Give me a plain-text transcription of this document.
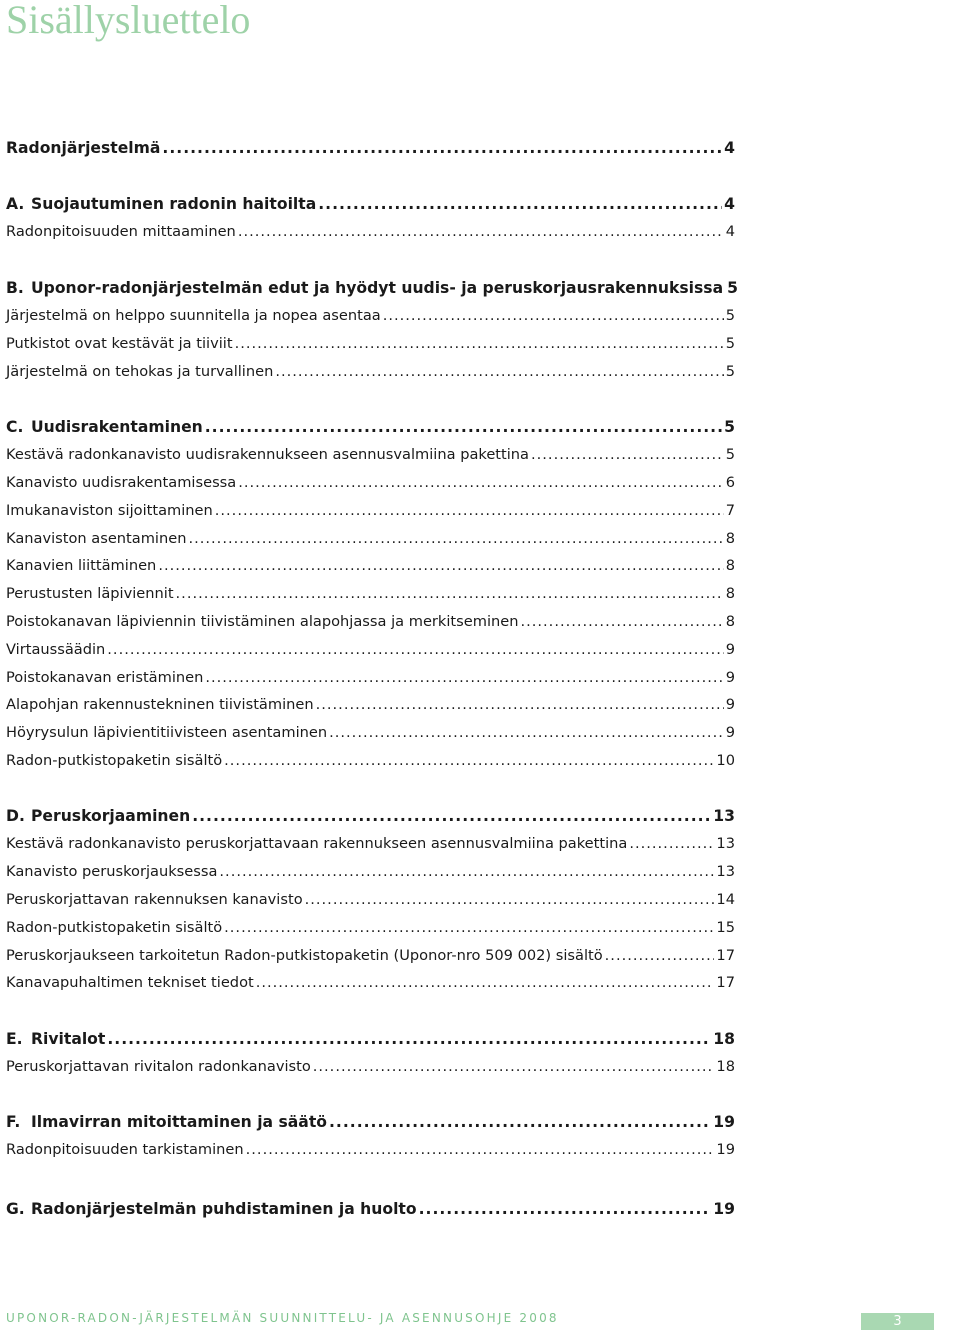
Sisällysluettelo
Radonjärjestelmä .....	4
A. Suojautuminen radonin haitoilta .....	4
Radonpitoisuuden mittaaminen .....	4
B. Uponor-radonjärjestelmän edut ja hyödyt uudis- ja peruskorjausrakennuksissa 5
Järjestelmä on helppo suunnitella ja nopea asentaa .....	5
Putkistot ovat kestävät ja tiiviit .....	5
Järjestelmä on tehokas ja turvallinen .....	5
C. Uudisrakentaminen .....	5
Kestävä radonkanavisto uudisrakennukseen asennusvalmiina pakettina .....	5
Kanavisto uudisrakentamisessa .....	6
Imukanaviston sijoittaminen .....	7
Kanaviston asentaminen .....	8
Kanavien liittäminen .....	8
Perustusten läpiviennit .....	8
Poistokanavan läpiviennin tiivistäminen alapohjassa ja merkitseminen .....	8
Virtaussäädin .....	9
Poistokanavan eristäminen .....	9
Alapohjan rakennustekninen tiivistäminen .....	9
Höyrysulun läpivientitiivisteen asentaminen .....	9
Radon-putkistopaketin sisältö .....	10
D. Peruskorjaaminen .....	13
Kestävä radonkanavisto peruskorjattavaan rakennukseen asennusvalmiina pakettina .....	13
Kanavisto peruskorjauksessa .....	13
Peruskorjattavan rakennuksen kanavisto .....	14
Radon-putkistopaketin sisältö .....	15
Peruskorjaukseen tarkoitetun Radon-putkistopaketin (Uponor-nro 509 002) sisältö .....	17
Kanavapuhaltimen tekniset tiedot .....	17
E. Rivitalot .....	18
Peruskorjattavan rivitalon radonkanavisto .....	18
F. Ilmavirran mitoittaminen ja säätö .....	19
Radonpitoisuuden tarkistaminen .....	19
G. Radonjärjestelmän puhdistaminen ja huolto .....	19
UPONOR-RADON-JÄRJESTELMÄN SUUNNITTELU- JA ASENNUSOHJE 2008	3
